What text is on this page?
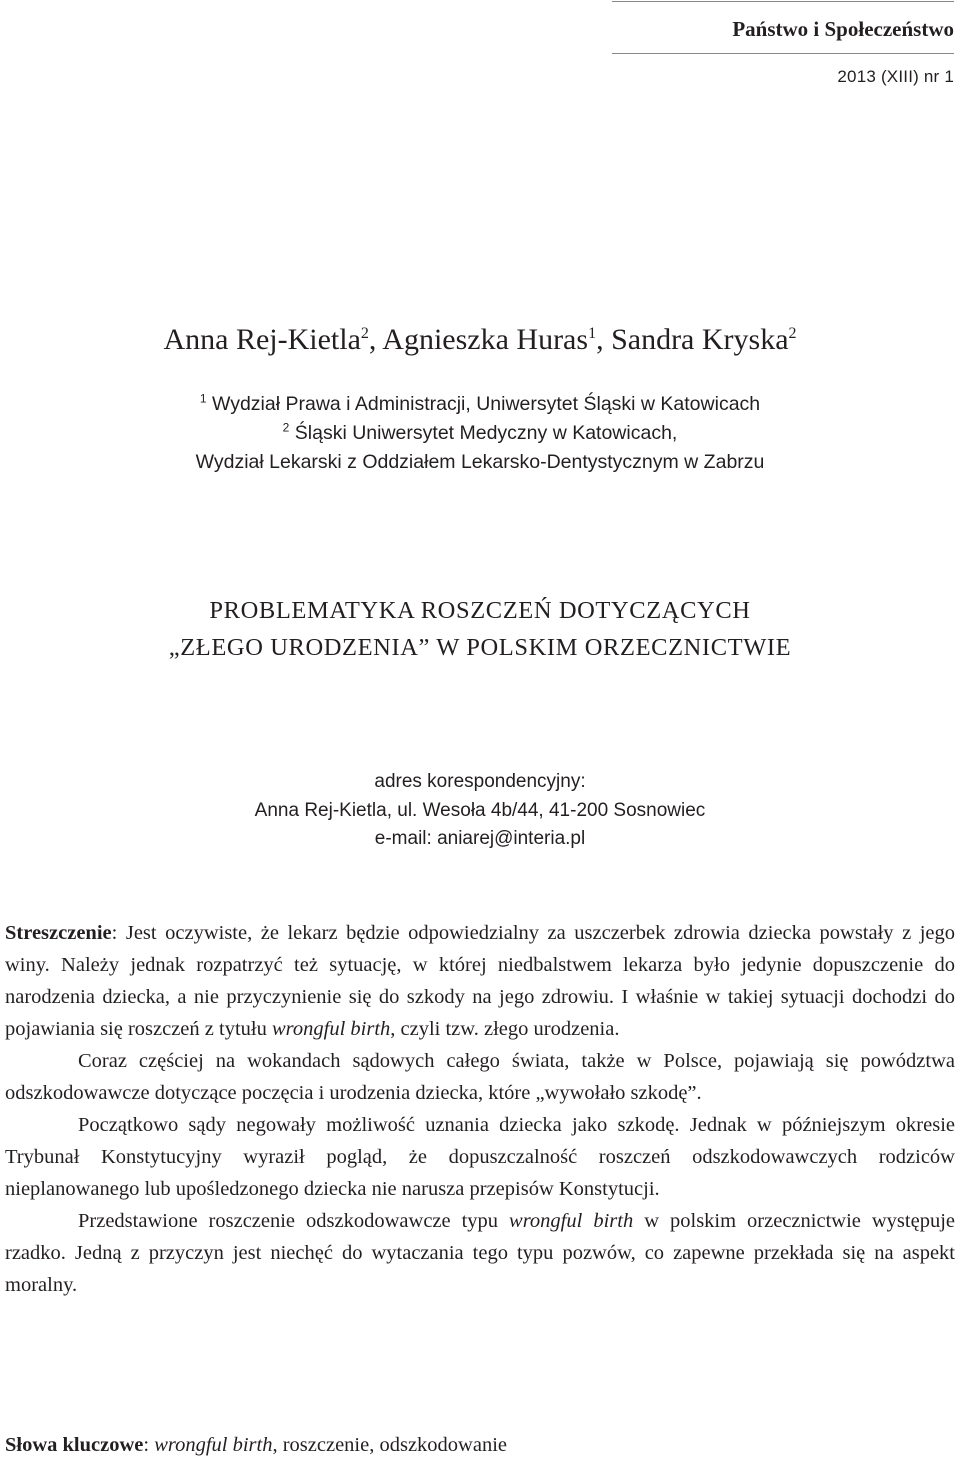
Państwo i Społeczeństwo
2013 (XIII) nr 1
Anna Rej-Kietla$^2$, Agnieszka Huras$^1$, Sandra Kryska$^2$
$^1$ Wydział Prawa i Administracji, Uniwersytet Śląski w Katowicach
$^2$ Śląski Uniwersytet Medyczny w Katowicach,
Wydział Lekarski z Oddziałem Lekarsko-Dentystycznym w Zabrzu
PROBLEMATYKA ROSZCZEŃ DOTYCZĄCYCH
„ZŁEGO URODZENIA” W POLSKIM ORZECZNICTWIE
adres korespondencyjny:
Anna Rej-Kietla, ul. Wesoła 4b/44, 41-200 Sosnowiec
e-mail: aniarej@interia.pl

Streszczenie: Jest oczywiste, że lekarz będzie odpowiedzialny za uszczerbek zdrowia dziecka powstały z jego winy. Należy jednak rozpatrzyć też sytuację, w której niedbalstwem lekarza było jedynie dopuszczenie do narodzenia dziecka, a nie przyczynienie się do szkody na jego zdrowiu. I właśnie w takiej sytuacji dochodzi do pojawiania się roszczeń z tytułu wrongful birth, czyli tzw. złego urodzenia.

Coraz częściej na wokandach sądowych całego świata, także w Polsce, pojawiają się powództwa odszkodowawcze dotyczące poczęcia i urodzenia dziecka, które „wywołało szkodę”.

Początkowo sądy negowały możliwość uznania dziecka jako szkodę. Jednak w późniejszym okresie Trybunał Konstytucyjny wyraził pogląd, że dopuszczalność roszczeń odszkodowawczych rodziców nieplanowanego lub upośledzonego dziecka nie narusza przepisów Konstytucji.

Przedstawione roszczenie odszkodowawcze typu wrongful birth w polskim orzecznictwie występuje rzadko. Jedną z przyczyn jest niechęć do wytaczania tego typu pozwów, co zapewne przekłada się na aspekt moralny.

Słowa kluczowe: wrongful birth, roszczenie, odszkodowanie
